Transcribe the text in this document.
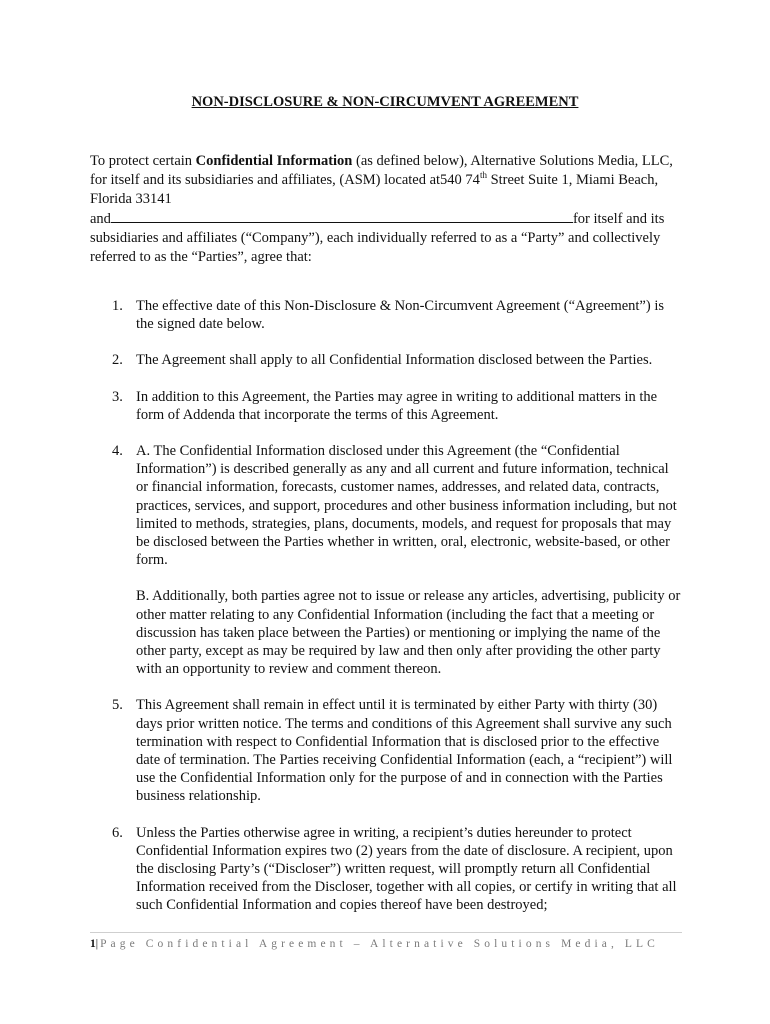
NON-DISCLOSURE & NON-CIRCUMVENT AGREEMENT

To protect certain Confidential Information (as defined below), Alternative Solutions Media, LLC, for itself and its subsidiaries and affiliates, (ASM) located at540 74th Street Suite 1, Miami Beach, Florida 33141
and	for itself and its subsidiaries and affiliates (“Company”), each individually referred to as a “Party” and collectively referred to as the “Parties”, agree that:

1. The effective date of this Non-Disclosure & Non-Circumvent Agreement (“Agreement”) is the signed date below.

2. The Agreement shall apply to all Confidential Information disclosed between the Parties.

3. In addition to this Agreement, the Parties may agree in writing to additional matters in the form of Addenda that incorporate the terms of this Agreement.

4. A. The Confidential Information disclosed under this Agreement (the “Confidential Information”) is described generally as any and all current and future information, technical or financial information, forecasts, customer names, addresses, and related data, contracts, practices, services, and support, procedures and other business information including, but not limited to methods, strategies, plans, documents, models, and request for proposals that may be disclosed between the Parties whether in written, oral, electronic, website-based, or other form.

B. Additionally, both parties agree not to issue or release any articles, advertising, publicity or other matter relating to any Confidential Information (including the fact that a meeting or discussion has taken place between the Parties) or mentioning or implying the name of the other party, except as may be required by law and then only after providing the other party with an opportunity to review and comment thereon.

5. This Agreement shall remain in effect until it is terminated by either Party with thirty (30) days prior written notice. The terms and conditions of this Agreement shall survive any such termination with respect to Confidential Information that is disclosed prior to the effective date of termination. The Parties receiving Confidential Information (each, a “recipient”) will use the Confidential Information only for the purpose of and in connection with the Parties business relationship.

6. Unless the Parties otherwise agree in writing, a recipient’s duties hereunder to protect Confidential Information expires two (2) years from the date of disclosure. A recipient, upon the disclosing Party’s (“Discloser”) written request, will promptly return all Confidential Information received from the Discloser, together with all copies, or certify in writing that all such Confidential Information and copies thereof have been destroyed;

1|Page Confidential Agreement – Alternative Solutions Media, LLC
